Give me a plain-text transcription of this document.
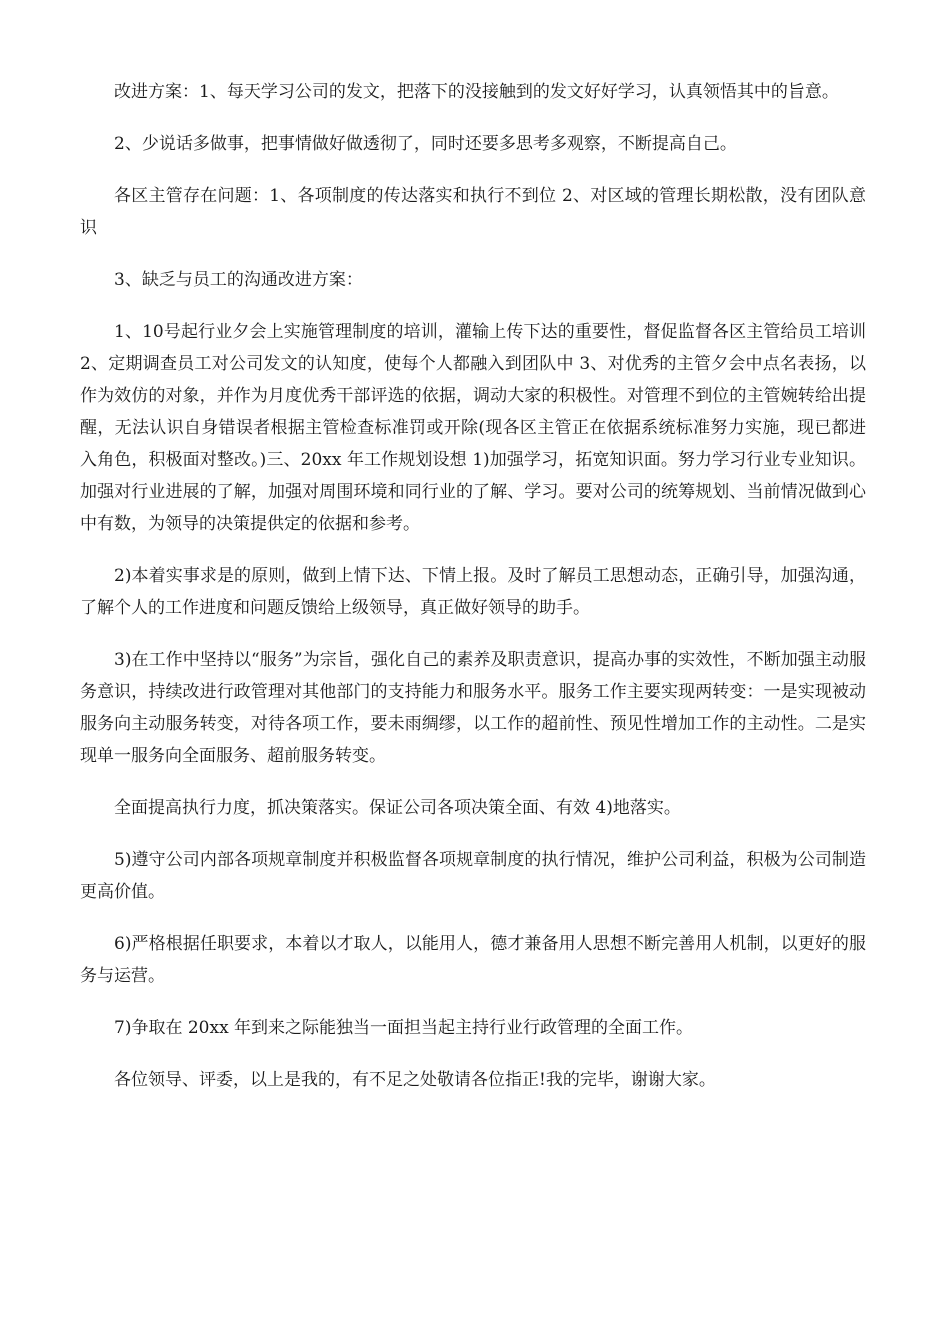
改进方案：1、每天学习公司的发文，把落下的没接触到的发文好好学习，认真领悟其中的旨意。

2、少说话多做事，把事情做好做透彻了，同时还要多思考多观察，不断提高自己。

各区主管存在问题：1、各项制度的传达落实和执行不到位 2、对区域的管理长期松散，没有团队意识

3、缺乏与员工的沟通改进方案：

1、10号起行业夕会上实施管理制度的培训，灌输上传下达的重要性，督促监督各区主管给员工培训 2、定期调查员工对公司发文的认知度，使每个人都融入到团队中 3、对优秀的主管夕会中点名表扬，以作为效仿的对象，并作为月度优秀干部评选的依据，调动大家的积极性。对管理不到位的主管婉转给出提醒，无法认识自身错误者根据主管检查标准罚或开除(现各区主管正在依据系统标准努力实施，现已都进入角色，积极面对整改。)三、20xx 年工作规划设想 1)加强学习，拓宽知识面。努力学习行业专业知识。加强对行业进展的了解，加强对周围环境和同行业的了解、学习。要对公司的统筹规划、当前情况做到心中有数，为领导的决策提供定的依据和参考。

2)本着实事求是的原则，做到上情下达、下情上报。及时了解员工思想动态，正确引导，加强沟通，了解个人的工作进度和问题反馈给上级领导，真正做好领导的助手。

3)在工作中坚持以“服务”为宗旨，强化自己的素养及职责意识，提高办事的实效性，不断加强主动服务意识，持续改进行政管理对其他部门的支持能力和服务水平。服务工作主要实现两转变：一是实现被动服务向主动服务转变，对待各项工作，要未雨绸缪，以工作的超前性、预见性增加工作的主动性。二是实现单一服务向全面服务、超前服务转变。

全面提高执行力度，抓决策落实。保证公司各项决策全面、有效 4)地落实。

5)遵守公司内部各项规章制度并积极监督各项规章制度的执行情况，维护公司利益，积极为公司制造更高价值。

6)严格根据任职要求，本着以才取人，以能用人，德才兼备用人思想不断完善用人机制，以更好的服务与运营。

7)争取在 20xx 年到来之际能独当一面担当起主持行业行政管理的全面工作。

各位领导、评委，以上是我的，有不足之处敬请各位指正!我的完毕，谢谢大家。
